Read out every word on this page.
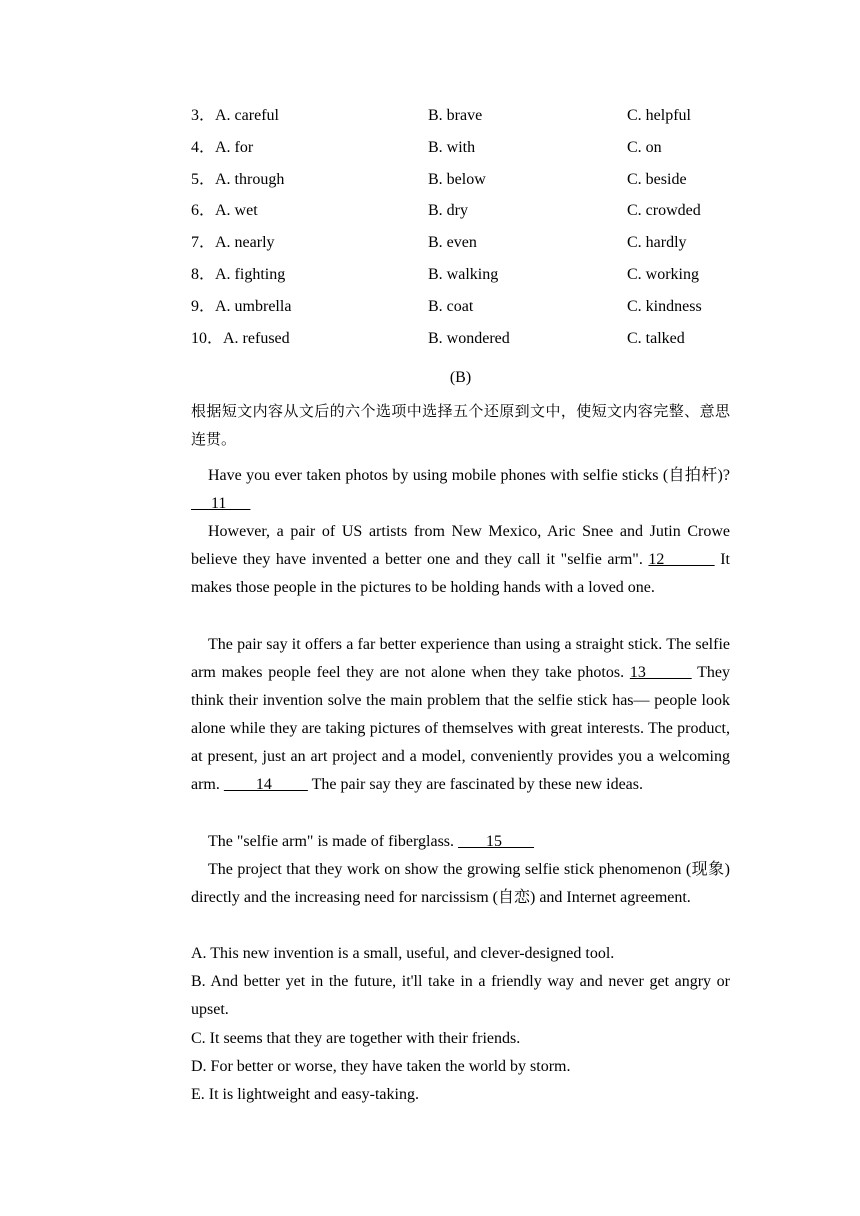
3．A. careful	B. brave	C. helpful
4．A. for	B. with	C. on
5．A. through	B. below	C. beside
6．A. wet	B. dry	C. crowded
7．A. nearly	B. even	C. hardly
8．A. fighting	B. walking	C. working
9．A. umbrella	B. coat	C. kindness
10．A. refused	B. wondered	C. talked
(B)

根据短文内容从文后的六个选项中选择五个还原到文中，使短文内容完整、意思连贯。

Have you ever taken photos by using mobile phones with selfie sticks (自拍杆)?     11

However, a pair of US artists from New Mexico, Aric Snee and Jutin Crowe believe they have invented a better one and they call it "selfie arm". 12          It makes those people in the pictures to be holding hands with a loved one.

The pair say it offers a far better experience than using a straight stick. The selfie arm makes people feel they are not alone when they take photos. 13         They think their invention solve the main problem that the selfie stick has— people look alone while they are taking pictures of themselves with great interests. The product, at present, just an art project and a model, conveniently provides you a welcoming arm.         14          The pair say they are fascinated by these new ideas.

The "selfie arm" is made of fiberglass.        15

The project that they work on show the growing selfie stick phenomenon (现象) directly and the increasing need for narcissism (自恋) and Internet agreement.

A. This new invention is a small, useful, and clever-designed tool.

B. And better yet in the future, it'll take in a friendly way and never get angry or upset.

C. It seems that they are together with their friends.

D. For better or worse, they have taken the world by storm.

E. It is lightweight and easy-taking.
